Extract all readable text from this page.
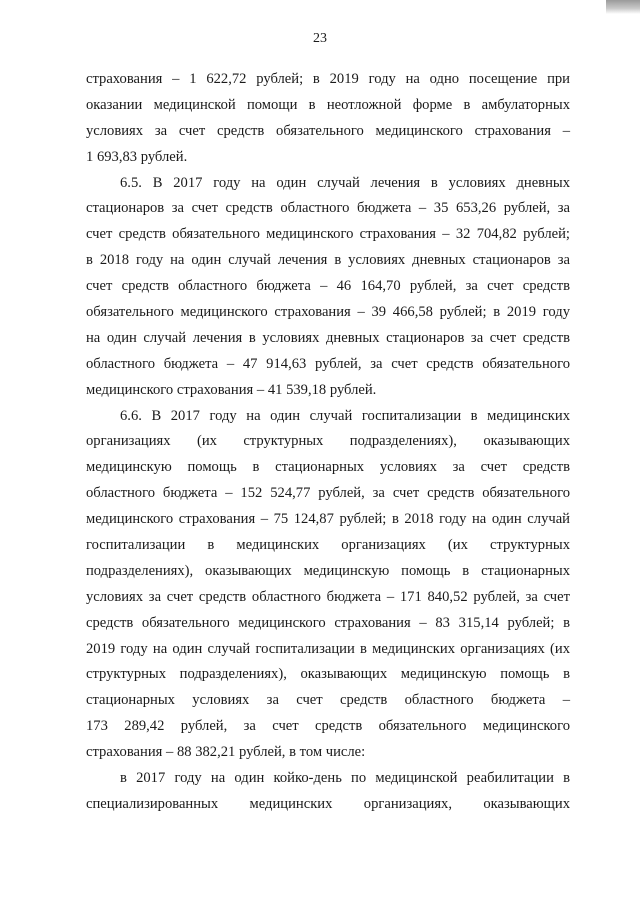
23

страхования – 1 622,72 рублей; в 2019 году на одно посещение при
оказании медицинской помощи в неотложной форме в амбулаторных
условиях за счет средств обязательного медицинского страхования –
1 693,83 рублей.

6.5. В 2017 году на один случай лечения в условиях дневных
стационаров за счет средств областного бюджета – 35 653,26 рублей, за
счет средств обязательного медицинского страхования – 32 704,82 рублей;
в 2018 году на один случай лечения в условиях дневных стационаров за
счет средств областного бюджета – 46 164,70 рублей, за счет средств
обязательного медицинского страхования – 39 466,58 рублей; в 2019 году
на один случай лечения в условиях дневных стационаров за счет средств
областного бюджета – 47 914,63 рублей, за счет средств обязательного
медицинского страхования – 41 539,18 рублей.

6.6. В 2017 году на один случай госпитализации в медицинских
организациях (их структурных подразделениях), оказывающих
медицинскую помощь в стационарных условиях за счет средств
областного бюджета – 152 524,77 рублей, за счет средств обязательного
медицинского страхования – 75 124,87 рублей; в 2018 году на один случай
госпитализации в медицинских организациях (их структурных
подразделениях), оказывающих медицинскую помощь в стационарных
условиях за счет средств областного бюджета – 171 840,52 рублей, за счет
средств обязательного медицинского страхования – 83 315,14 рублей; в
2019 году на один случай госпитализации в медицинских организациях (их
структурных подразделениях), оказывающих медицинскую помощь в
стационарных условиях за счет средств областного бюджета –
173 289,42 рублей, за счет средств обязательного медицинского
страхования – 88 382,21 рублей, в том числе:

в 2017 году на один койко-день по медицинской реабилитации в
специализированных медицинских организациях, оказывающих
